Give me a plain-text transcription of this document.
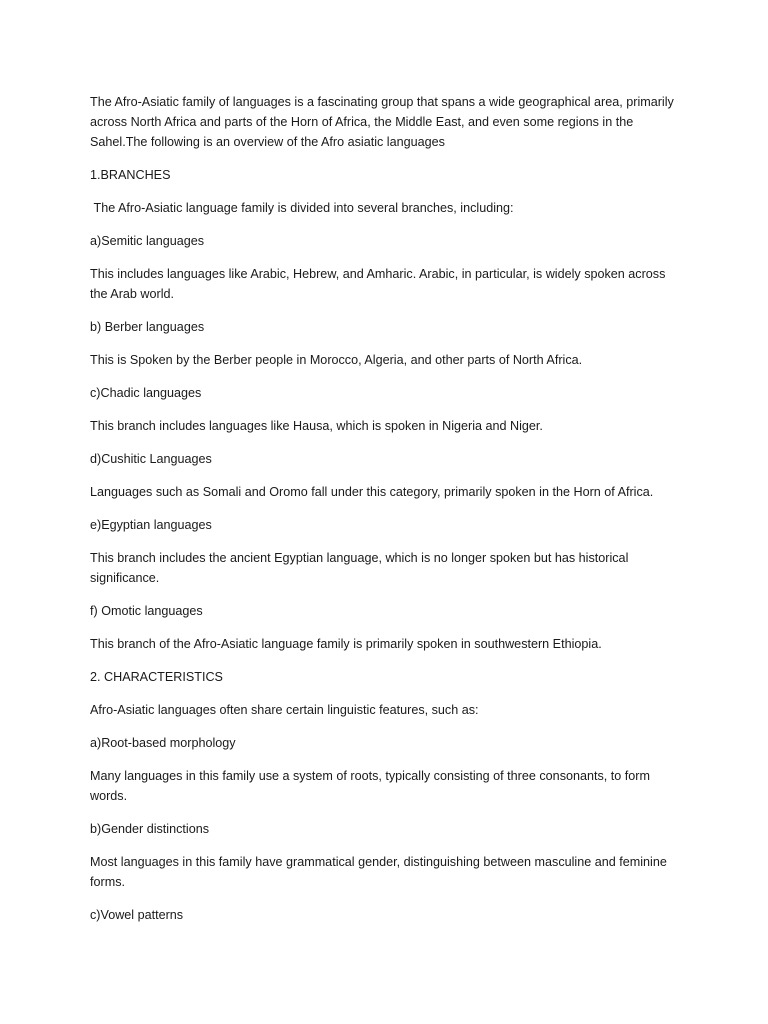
The Afro-Asiatic family of languages is a fascinating group that spans a wide geographical area, primarily across North Africa and parts of the Horn of Africa, the Middle East, and even some regions in the Sahel.The following is an overview of the Afro asiatic languages

1.BRANCHES

The Afro-Asiatic language family is divided into several branches, including:

a)Semitic languages

This includes languages like Arabic, Hebrew, and Amharic. Arabic, in particular, is widely spoken across the Arab world.

b) Berber languages

This is Spoken by the Berber people in Morocco, Algeria, and other parts of North Africa.

c)Chadic languages

This branch includes languages like Hausa, which is spoken in Nigeria and Niger.

d)Cushitic Languages

Languages such as Somali and Oromo fall under this category, primarily spoken in the Horn of Africa.

e)Egyptian languages

This branch includes the ancient Egyptian language, which is no longer spoken but has historical significance.

f) Omotic languages

This branch of the Afro-Asiatic language family is primarily spoken in southwestern Ethiopia.

2. CHARACTERISTICS

Afro-Asiatic languages often share certain linguistic features, such as:

a)Root-based morphology

Many languages in this family use a system of roots, typically consisting of three consonants, to form words.

b)Gender distinctions

Most languages in this family have grammatical gender, distinguishing between masculine and feminine forms.

c)Vowel patterns
